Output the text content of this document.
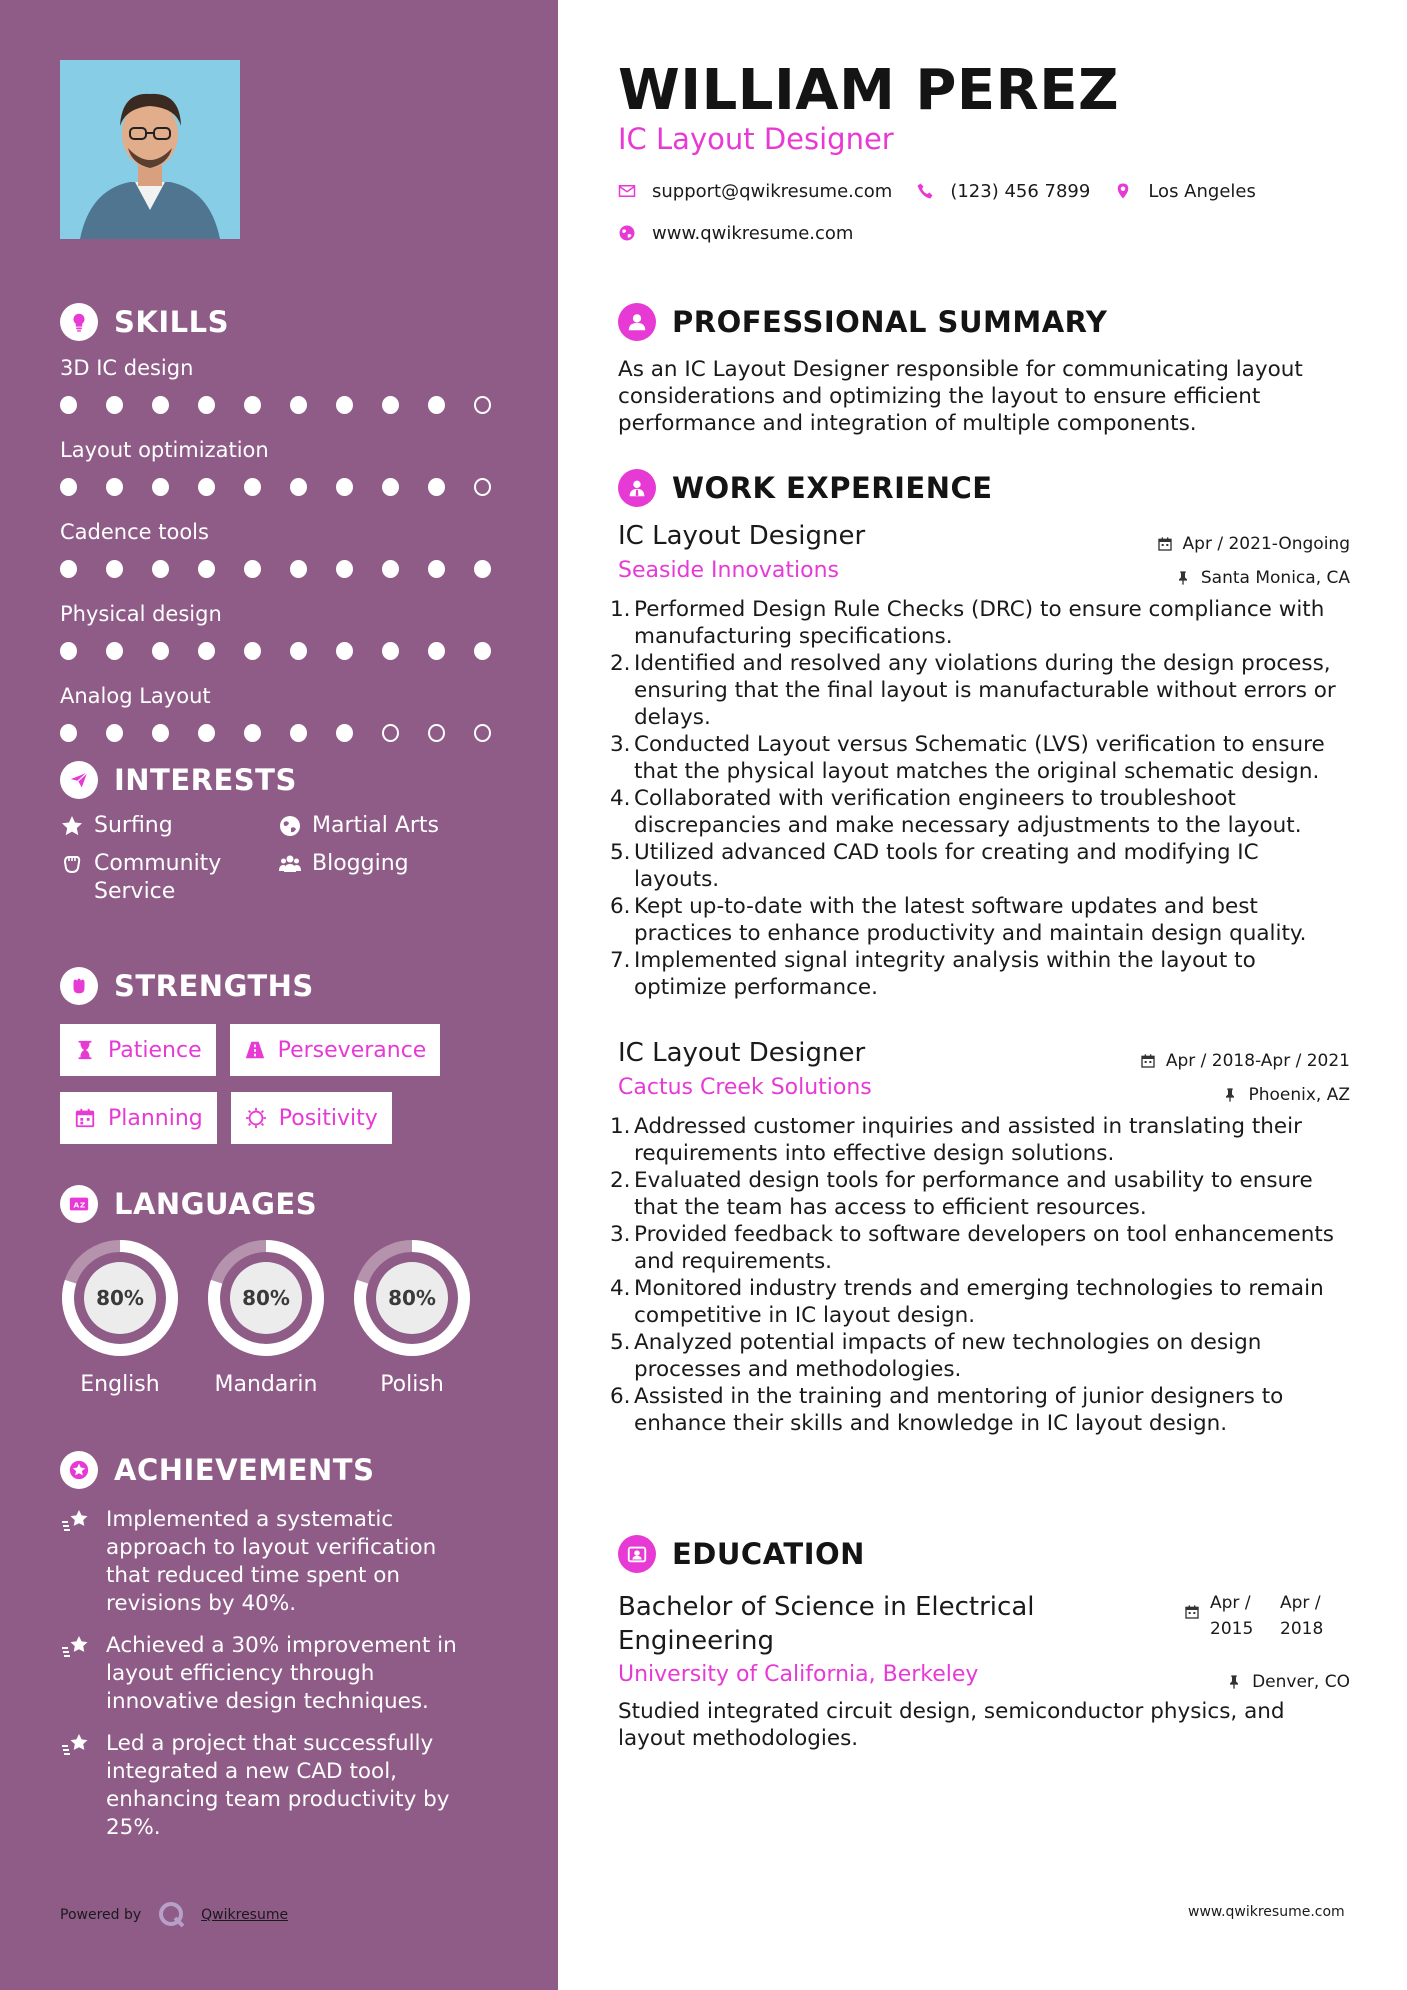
SKILLS
3D IC design
Layout optimization
Cadence tools
Physical design
Analog Layout
INTERESTS
Surfing	Martial Arts
Community Service
Blogging
STRENGTHS
Patience	Perseverance
Planning	Positivity
A Z LANGUAGES
80%
English
80%
Mandarin
80%
Polish
ACHIEVEMENTS
Implemented a systematic approach to layout verification that reduced time spent on revisions by 40%.
Achieved a 30% improvement in layout efficiency through innovative design techniques.
Led a project that successfully integrated a new CAD tool, enhancing team productivity by 25%.
Powered by	Qwikresume
WILLIAM PEREZ
IC Layout Designer
support@qwikresume.com	(123) 456 7899	Los Angeles
www.qwikresume.com
PROFESSIONAL SUMMARY
As an IC Layout Designer responsible for communicating layout considerations and optimizing the layout to ensure efficient performance and integration of multiple components.
WORK EXPERIENCE
IC Layout Designer	Apr / 2021-Ongoing
Seaside Innovations	Santa Monica, CA
1. Performed Design Rule Checks (DRC) to ensure compliance with manufacturing specifications.
2. Identified and resolved any violations during the design process, ensuring that the final layout is manufacturable without errors or delays.
3. Conducted Layout versus Schematic (LVS) verification to ensure that the physical layout matches the original schematic design.
4. Collaborated with verification engineers to troubleshoot discrepancies and make necessary adjustments to the layout.
5. Utilized advanced CAD tools for creating and modifying IC layouts.
6. Kept up-to-date with the latest software updates and best practices to enhance productivity and maintain design quality.
7. Implemented signal integrity analysis within the layout to optimize performance.
IC Layout Designer	Apr / 2018-Apr / 2021
Cactus Creek Solutions	Phoenix, AZ
1. Addressed customer inquiries and assisted in translating their requirements into effective design solutions.
2. Evaluated design tools for performance and usability to ensure that the team has access to efficient resources.
3. Provided feedback to software developers on tool enhancements and requirements.
4. Monitored industry trends and emerging technologies to remain competitive in IC layout design.
5. Analyzed potential impacts of new technologies on design processes and methodologies.
6. Assisted in the training and mentoring of junior designers to enhance their skills and knowledge in IC layout design.
EDUCATION
Bachelor of Science in Electrical Engineering
Apr /
2015
Apr /
2018
University of California, Berkeley	Denver, CO
Studied integrated circuit design, semiconductor physics, and layout methodologies.
www.qwikresume.com
